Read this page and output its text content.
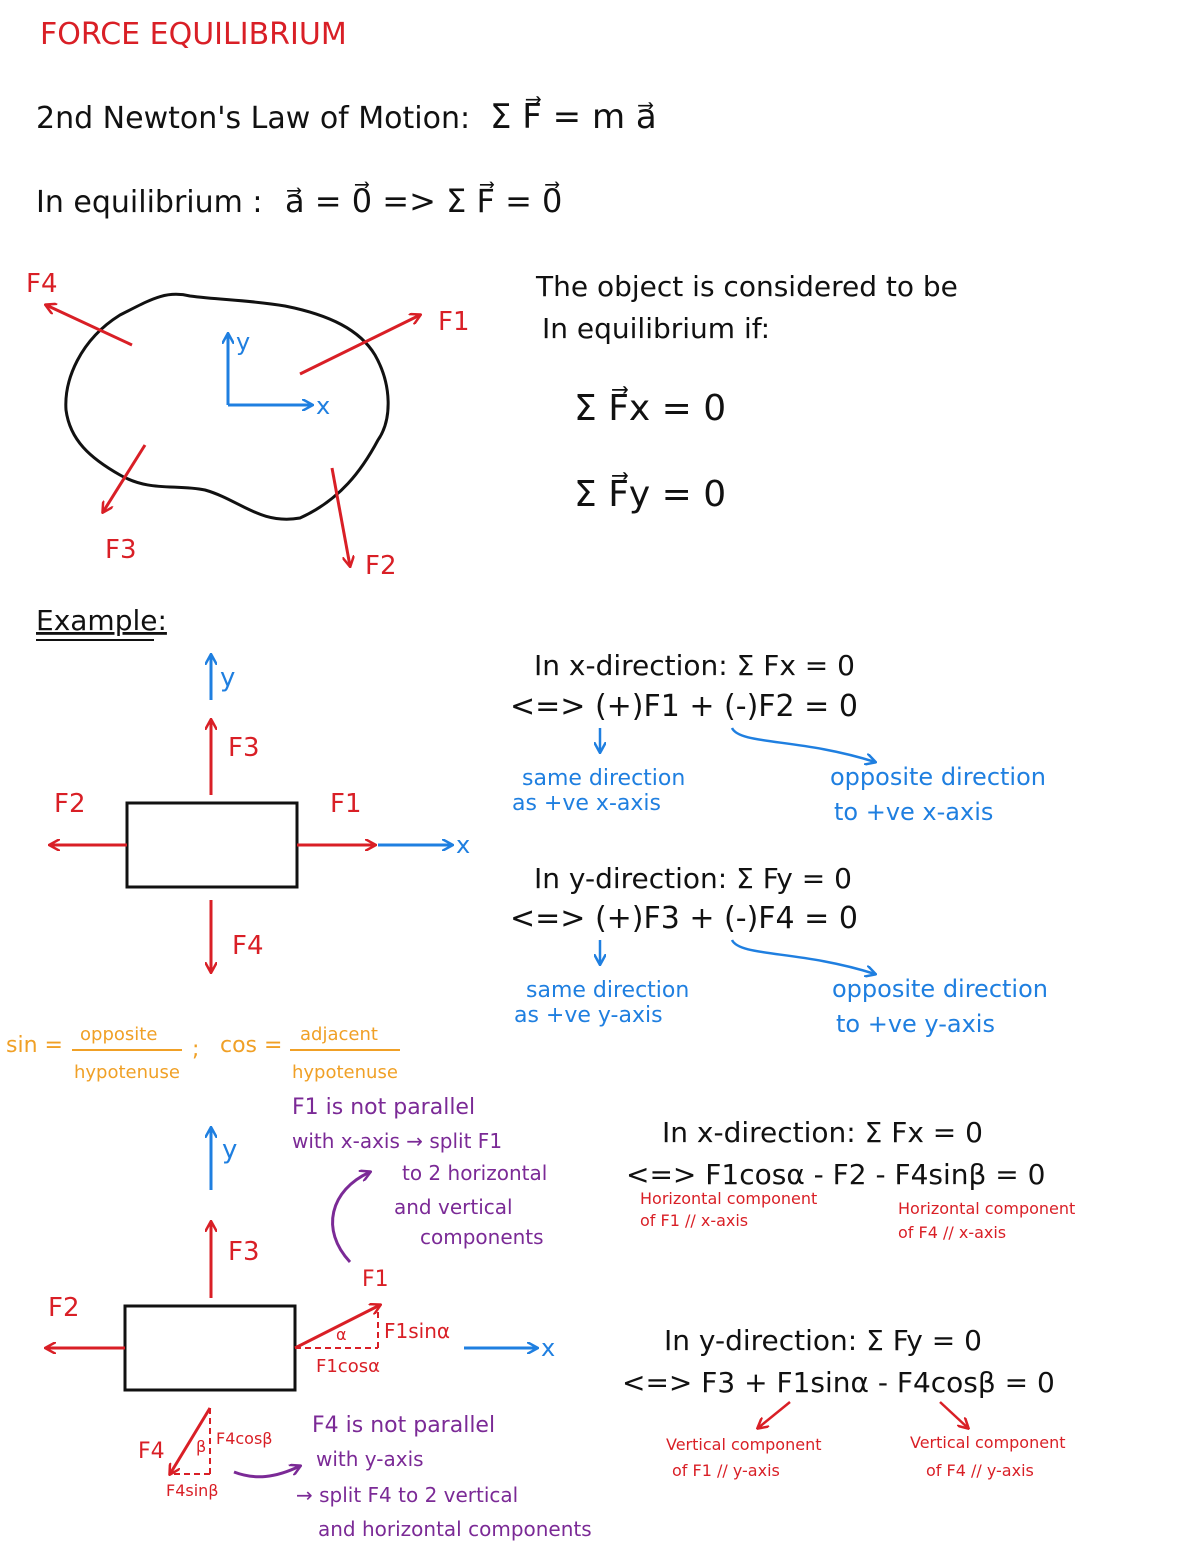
FORCE EQUILIBRIUM
2nd Newton's Law of Motion: Σ F⃗ = m a⃗
In equilibrium : a⃗ = 0⃗ => Σ F⃗ = 0⃗
y
x
F4
F1
F3
F2
The object is considered to be
In equilibrium if:
Σ F⃗x = 0
Σ F⃗y = 0
Example:
y
F3
F2	F1
x
F4
In x-direction: Σ Fx = 0
<=> (+)F1 + (-)F2 = 0
same direction
as +ve x-axis
opposite direction
to +ve x-axis
In y-direction: Σ Fy = 0
<=> (+)F3 + (-)F4 = 0
same direction
as +ve y-axis
opposite direction
to +ve y-axis
sin = opposite
hypotenuse
; cos = adjacent
hypotenuse
y
F3
F2
F1
F1sinα
F1cosα
α	x
F4
F4cosβ
β
F4sinβ
F1 is not parallel
with x-axis → split F1
to 2 horizontal
and vertical
components
F4 is not parallel
with y-axis
→ split F4 to 2 vertical
and horizontal components
In x-direction: Σ Fx = 0
<=> F1cosα - F2 - F4sinβ = 0
Horizontal component
of F1 // x-axis
Horizontal component
of F4 // x-axis
In y-direction: Σ Fy = 0
<=> F3 + F1sinα - F4cosβ = 0
Vertical component
of F1 // y-axis
Vertical component
of F4 // y-axis
